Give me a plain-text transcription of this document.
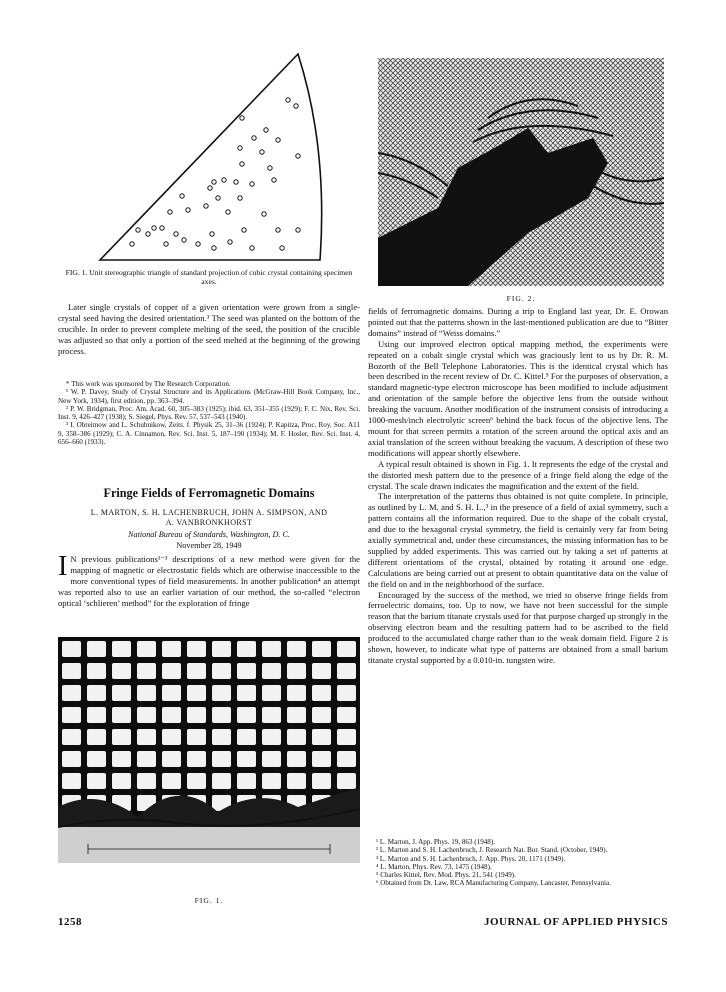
FIG. 1. Unit stereographic triangle of standard projection of cubic crystal containing specimen axes.
FIG. 2.

Later single crystals of copper of a given orientation were grown from a single-crystal seed having the desired orientation.³ The seed was planted on the bottom of the crucible. In order to prevent complete melting of the seed, the position of the crucible was adjusted so that only a portion of the seed melted at the beginning of the growing process.

* This work was sponsored by The Research Corporation.

¹ W. P. Davey, Study of Crystal Structure and its Applications (McGraw-Hill Book Company, Inc., New York, 1934), first edition, pp. 363–394.

² P. W. Bridgman, Proc. Am. Acad. 60, 305–383 (1925); ibid. 63, 351–355 (1929); F. C. Nix, Rev. Sci. Inst. 9, 426–427 (1938); S. Siegel, Phys. Rev. 57, 537–543 (1940).

³ I. Obreimow and L. Schubnikow, Zeits. f. Physik 25, 31–36 (1924); P. Kapitza, Proc. Roy. Soc. A11 9, 358–386 (1929); C. A. Cinnamon, Rev. Sci. Inst. 5, 187–190 (1934); M. F. Hosler, Rev. Sci. Inst. 4, 656–660 (1933).

Fringe Fields of Ferromagnetic Domains
L. MARTON, S. H. LACHENBRUCH, JOHN A. SIMPSON, AND
A. VANBRONKHORST
National Bureau of Standards, Washington, D. C.
November 28, 1949
I N previous publications¹⁻³ descriptions of a new method were given for the mapping of magnetic or electrostatic fields which are otherwise inaccessible to the more conventional types of field measurements. In another publication⁴ an attempt was reported also to use an earlier variation of our method, the so-called “electron optical ‘schlieren’ method” for the exploration of fringe
FIG. 1.

fields of ferromagnetic domains. During a trip to England last year, Dr. E. Orowan pointed out that the patterns shown in the last-mentioned publication are due to “Bitter domains” instead of “Weiss domains.”

Using our improved electron optical mapping method, the experiments were repeated on a cobalt single crystal which was graciously lent to us by Dr. R. M. Bozorth of the Bell Telephone Laboratories. This is the identical crystal which has been described in the recent review of Dr. C. Kittel.⁵ For the purposes of observation, a standard magnetic-type electron microscope has been modified to include adjustment and orientation of the sample before the objective lens from the outside without breaking the vacuum. Another modification of the instrument consists of introducing a 1000-mesh/inch electrolytic screen⁶ behind the back focus of the objective lens. The mount for that screen permits a rotation of the screen around the optical axis and an axial translation of the screen without breaking the vacuum. A description of these two modifications will appear shortly elsewhere.

A typical result obtained is shown in Fig. 1. It represents the edge of the crystal and the distorted mesh pattern due to the presence of a fringe field along the edge of the crystal. The scale drawn indicates the magnification and the extent of the field.

The interpretation of the patterns thus obtained is not quite complete. In principle, as outlined by L. M. and S. H. L.,³ in the presence of a field of axial symmetry, such a pattern contains all the information required. Due to the shape of the cobalt crystal, and due to the hexagonal crystal symmetry, the field is certainly very far from being axially symmetrical and, under these circumstances, the missing information has to be supplied by added experiments. This was carried out by taking a set of patterns at different orientations of the crystal, obtained by rotating it around one edge. Calculations are being carried out at present to obtain quantitative data on the value of the field on and in the neighborhood of the surface.

Encouraged by the success of the method, we tried to observe fringe fields from ferroelectric domains, too. Up to now, we have not been successful for the simple reason that the barium titanate crystals used for that purpose charged up strongly in the observing electron beam and the resulting pattern had to be ascribed to the field produced to the accumulated charge rather than to the weak domain field. Figure 2 is shown, however, to indicate what type of patterns are obtained from a small barium titanate crystal supported by a 0.010-in. tungsten wire.

¹ L. Marton, J. App. Phys. 19, 863 (1948).

² L. Marton and S. H. Lachenbruch, J. Research Nat. Bur. Stand. (October, 1949).

³ L. Marton and S. H. Lachenbruch, J. App. Phys. 20, 1171 (1949).

⁴ L. Marton, Phys. Rev. 73, 1475 (1948).

⁵ Charles Kittel, Rev. Mod. Phys. 21, 541 (1949).

⁶ Obtained from Dr. Law, RCA Manufacturing Company, Lancaster, Pennsylvania.

1258	JOURNAL OF APPLIED PHYSICS
